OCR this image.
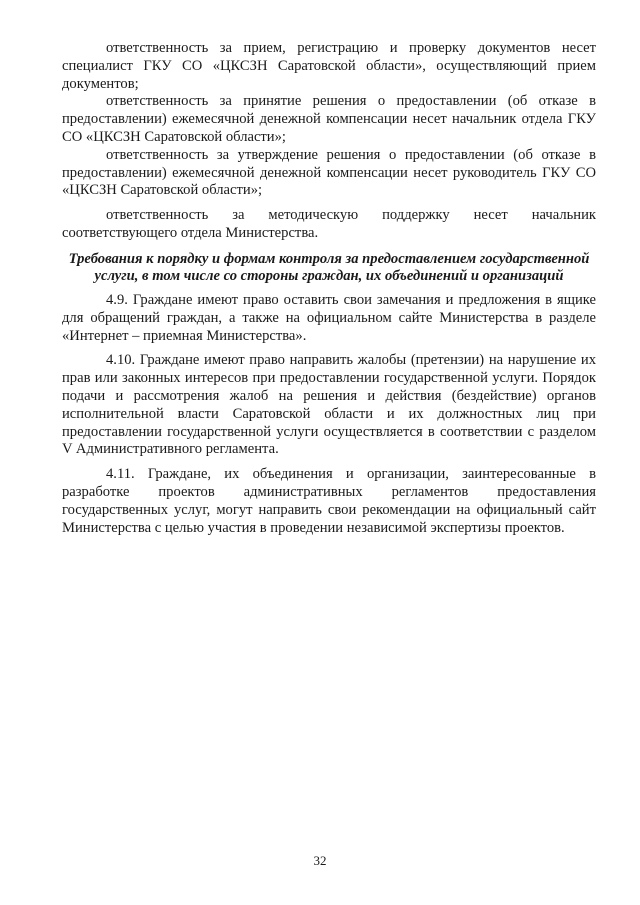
ответственность за прием, регистрацию и проверку документов несет специалист ГКУ СО «ЦКСЗН Саратовской области», осуществляющий прием документов;

ответственность за принятие решения о предоставлении (об отказе в предоставлении) ежемесячной денежной компенсации несет начальник отдела ГКУ СО «ЦКСЗН Саратовской области»;

ответственность за утверждение решения о предоставлении (об отказе в предоставлении) ежемесячной денежной компенсации несет руководитель ГКУ СО «ЦКСЗН Саратовской области»;

ответственность за методическую поддержку несет начальник соответствующего отдела Министерства.

Требования к порядку и формам контроля за предоставлением государственной услуги, в том числе со стороны граждан, их объединений и организаций

4.9. Граждане имеют право оставить свои замечания и предложения в ящике для обращений граждан, а также на официальном сайте Министерства в разделе «Интернет – приемная Министерства».

4.10. Граждане имеют право направить жалобы (претензии) на нарушение их прав или законных интересов при предоставлении государственной услуги. Порядок подачи и рассмотрения жалоб на решения и действия (бездействие) органов исполнительной власти Саратовской области и их должностных лиц при предоставлении государственной услуги осуществляется в соответствии с разделом V Административного регламента.

4.11. Граждане, их объединения и организации, заинтересованные в разработке проектов административных регламентов предоставления государственных услуг, могут направить свои рекомендации на официальный сайт Министерства с целью участия в проведении независимой экспертизы проектов.

32
